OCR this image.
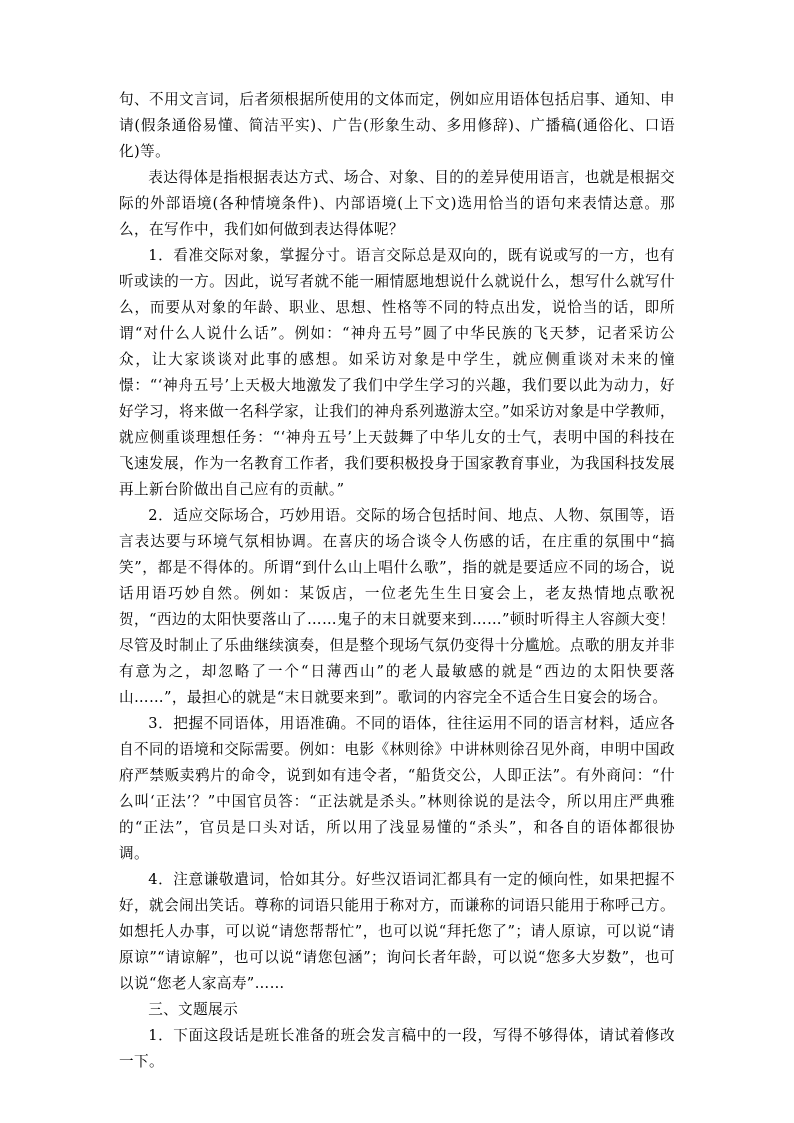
句、不用文言词，后者须根据所使用的文体而定，例如应用语体包括启事、通知、申请(假条通俗易懂、简洁平实)、广告(形象生动、多用修辞)、广播稿(通俗化、口语化)等。

表达得体是指根据表达方式、场合、对象、目的的差异使用语言，也就是根据交际的外部语境(各种情境条件)、内部语境(上下文)选用恰当的语句来表情达意。那么，在写作中，我们如何做到表达得体呢？

1．看准交际对象，掌握分寸。语言交际总是双向的，既有说或写的一方，也有听或读的一方。因此，说写者就不能一厢情愿地想说什么就说什么，想写什么就写什么，而要从对象的年龄、职业、思想、性格等不同的特点出发，说恰当的话，即所谓“对什么人说什么话”。例如：“神舟五号”圆了中华民族的飞天梦，记者采访公众，让大家谈谈对此事的感想。如采访对象是中学生，就应侧重谈对未来的憧憬：“‘神舟五号’上天极大地激发了我们中学生学习的兴趣，我们要以此为动力，好好学习，将来做一名科学家，让我们的神舟系列遨游太空。”如采访对象是中学教师，就应侧重谈理想任务：“‘神舟五号’上天鼓舞了中华儿女的士气，表明中国的科技在飞速发展，作为一名教育工作者，我们要积极投身于国家教育事业，为我国科技发展再上新台阶做出自己应有的贡献。”

2．适应交际场合，巧妙用语。交际的场合包括时间、地点、人物、氛围等，语言表达要与环境气氛相协调。在喜庆的场合谈令人伤感的话，在庄重的氛围中“搞笑”，都是不得体的。所谓“到什么山上唱什么歌”，指的就是要适应不同的场合，说话用语巧妙自然。例如：某饭店，一位老先生生日宴会上，老友热情地点歌祝贺，“西边的太阳快要落山了……鬼子的末日就要来到……”顿时听得主人容颜大变！尽管及时制止了乐曲继续演奏，但是整个现场气氛仍变得十分尴尬。点歌的朋友并非有意为之，却忽略了一个“日薄西山”的老人最敏感的就是“西边的太阳快要落山……”，最担心的就是“末日就要来到”。歌词的内容完全不适合生日宴会的场合。

3．把握不同语体，用语准确。不同的语体，往往运用不同的语言材料，适应各自不同的语境和交际需要。例如：电影《林则徐》中讲林则徐召见外商，申明中国政府严禁贩卖鸦片的命令，说到如有违令者，“船货交公，人即正法”。有外商问：“什么叫‘正法’？”中国官员答：“正法就是杀头。”林则徐说的是法令，所以用庄严典雅的“正法”，官员是口头对话，所以用了浅显易懂的“杀头”，和各自的语体都很协调。

4．注意谦敬遣词，恰如其分。好些汉语词汇都具有一定的倾向性，如果把握不好，就会闹出笑话。尊称的词语只能用于称对方，而谦称的词语只能用于称呼己方。如想托人办事，可以说“请您帮帮忙”，也可以说“拜托您了”；请人原谅，可以说“请原谅”“请谅解”，也可以说“请您包涵”；询问长者年龄，可以说“您多大岁数”，也可以说“您老人家高寿”……

三、文题展示

1．下面这段话是班长准备的班会发言稿中的一段，写得不够得体，请试着修改一下。
